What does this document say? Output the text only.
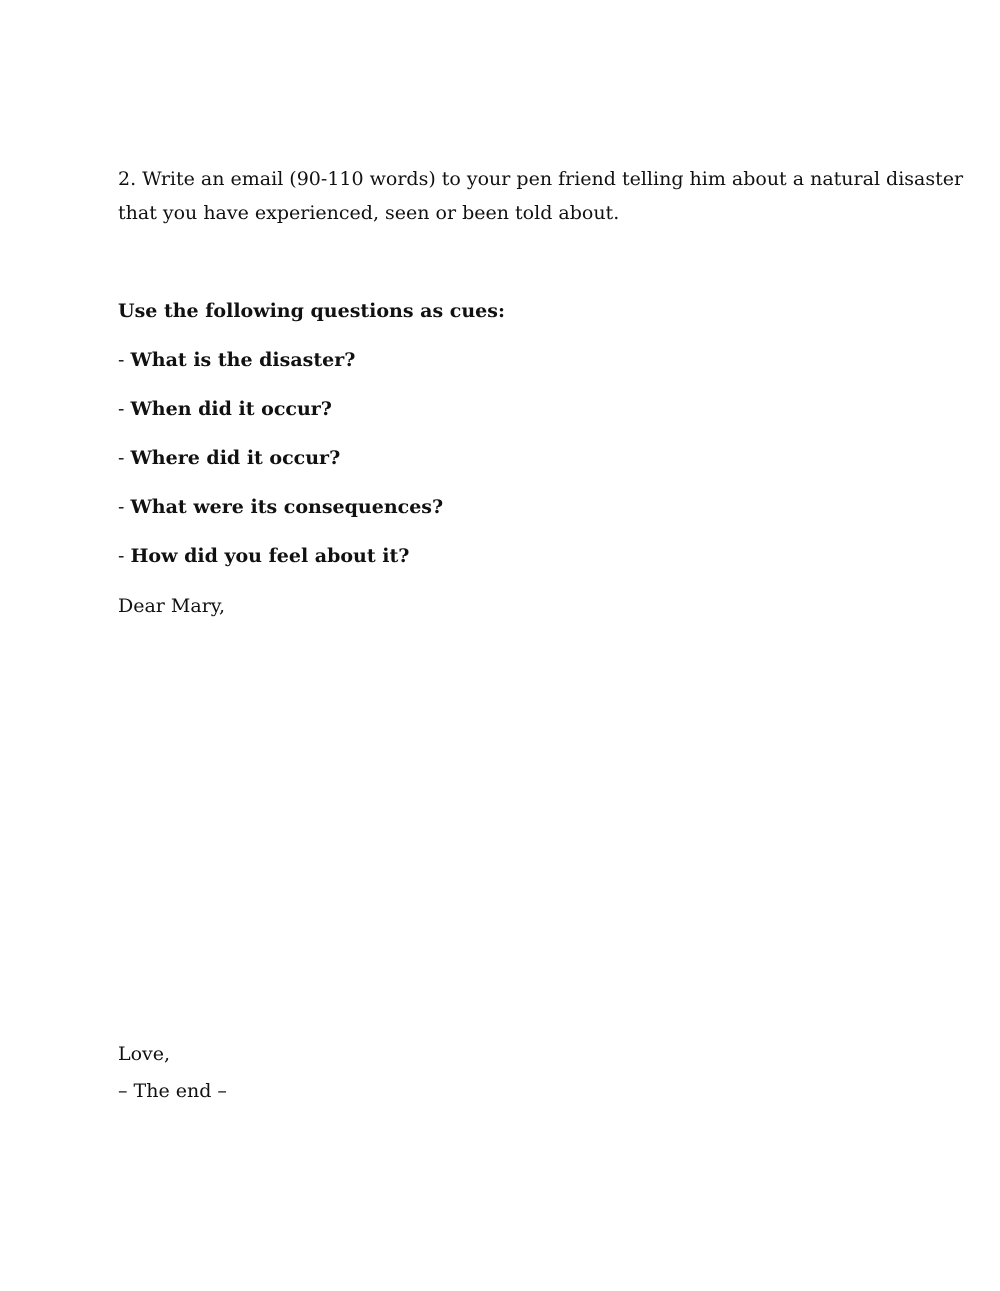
2. Write an email (90-110 words) to your pen friend telling him about a natural disaster
that you have experienced, seen or been told about.
Use the following questions as cues:
- What is the disaster?
- When did it occur?
- Where did it occur?
- What were its consequences?
- How did you feel about it?
Dear Mary,
Love,
– The end –
